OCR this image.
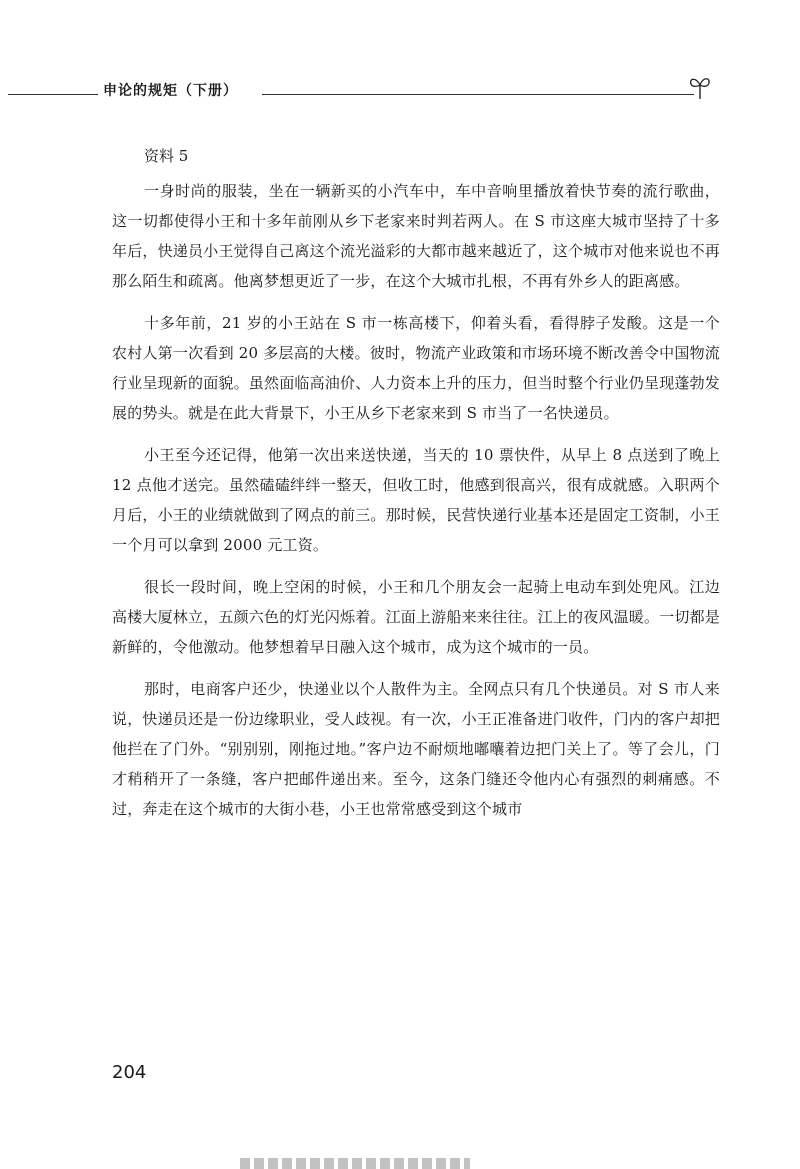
申论的规矩（下册）

资料 5

一身时尚的服装，坐在一辆新买的小汽车中，车中音响里播放着快节奏的流行歌曲，这一切都使得小王和十多年前刚从乡下老家来时判若两人。在 S 市这座大城市坚持了十多年后，快递员小王觉得自己离这个流光溢彩的大都市越来越近了，这个城市对他来说也不再那么陌生和疏离。他离梦想更近了一步，在这个大城市扎根，不再有外乡人的距离感。

十多年前，21 岁的小王站在 S 市一栋高楼下，仰着头看，看得脖子发酸。这是一个农村人第一次看到 20 多层高的大楼。彼时，物流产业政策和市场环境不断改善令中国物流行业呈现新的面貌。虽然面临高油价、人力资本上升的压力，但当时整个行业仍呈现蓬勃发展的势头。就是在此大背景下，小王从乡下老家来到 S 市当了一名快递员。

小王至今还记得，他第一次出来送快递，当天的 10 票快件，从早上 8 点送到了晚上 12 点他才送完。虽然磕磕绊绊一整天，但收工时，他感到很高兴，很有成就感。入职两个月后，小王的业绩就做到了网点的前三。那时候，民营快递行业基本还是固定工资制，小王一个月可以拿到 2000 元工资。

很长一段时间，晚上空闲的时候，小王和几个朋友会一起骑上电动车到处兜风。江边高楼大厦林立，五颜六色的灯光闪烁着。江面上游船来来往往。江上的夜风温暖。一切都是新鲜的，令他激动。他梦想着早日融入这个城市，成为这个城市的一员。

那时，电商客户还少，快递业以个人散件为主。全网点只有几个快递员。对 S 市人来说，快递员还是一份边缘职业，受人歧视。有一次，小王正准备进门收件，门内的客户却把他拦在了门外。“别别别，刚拖过地。”客户边不耐烦地嘟囔着边把门关上了。等了会儿，门才稍稍开了一条缝，客户把邮件递出来。至今，这条门缝还令他内心有强烈的刺痛感。不过，奔走在这个城市的大街小巷，小王也常常感受到这个城市

204
